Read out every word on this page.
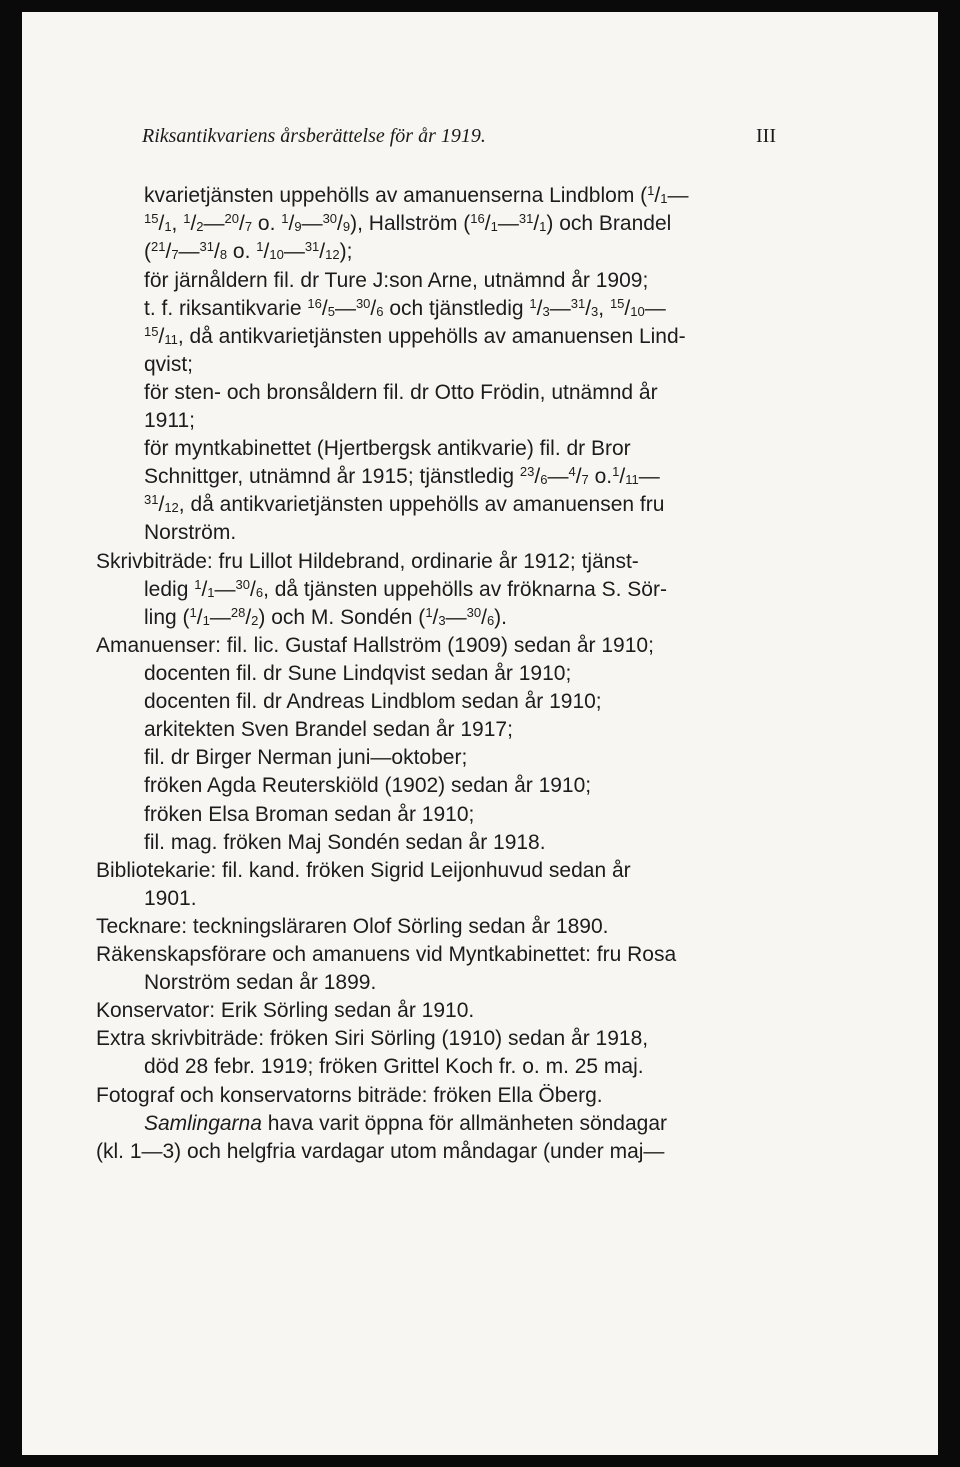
Riksantikvariens årsberättelse för år 1919.	III
kvarietjänsten uppehölls av amanuenserna Lindblom ($^1/_1—$
$^{15}/_1$, $^1/_2—^{20}/_7$ o. $^1/_9—^{30}/_9$), Hallström $(^{16}/_1—^{31}/_1)$ och Brandel
($^{21}/_7—^{31}/_8$ o. $^1/_{10}—^{31}/_{12}$);
för järnåldern fil. dr Ture J:son Arne, utnämnd år 1909;
t. f. riksantikvarie $^{16}/_5—^{30}/_6$ och tjänstledig $^1/_3—^{31}/_3$, $^{15}/_{10}—$
$^{15}/_{11}$, då antikvarietjänsten uppehölls av amanuensen Lind-
qvist;
för sten- och bronsåldern fil. dr Otto Frödin, utnämnd år
1911;
för myntkabinettet (Hjertbergsk antikvarie) fil. dr Bror
Schnittger, utnämnd år 1915; tjänstledig $^{23}/_6—^4/_7$ $o.^1/_{11}—$
$^{31}/_{12}$, då antikvarietjänsten uppehölls av amanuensen fru
Norström.
Skrivbiträde: fru Lillot Hildebrand, ordinarie år 1912; tjänst-
ledig $^1/_1—^{30}/_6$, då tjänsten uppehölls av fröknarna S. Sör-
ling $(^1/_1—^{28}/_2)$ och M. Sondén $(^1/_3—^{30}/_6)$.
Amanuenser: fil. lic. Gustaf Hallström (1909) sedan år 1910;
docenten fil. dr Sune Lindqvist sedan år 1910;
docenten fil. dr Andreas Lindblom sedan år 1910;
arkitekten Sven Brandel sedan år 1917;
fil. dr Birger Nerman juni—oktober;
fröken Agda Reuterskiöld (1902) sedan år 1910;
fröken Elsa Broman sedan år 1910;
fil. mag. fröken Maj Sondén sedan år 1918.
Bibliotekarie: fil. kand. fröken Sigrid Leijonhuvud sedan år
1901.
Tecknare: teckningsläraren Olof Sörling sedan år 1890.
Räkenskapsförare och amanuens vid Myntkabinettet: fru Rosa
Norström sedan år 1899.
Konservator: Erik Sörling sedan år 1910.
Extra skrivbiträde: fröken Siri Sörling (1910) sedan år 1918,
död 28 febr. 1919; fröken Grittel Koch fr. o. m. 25 maj.
Fotograf och konservatorns biträde: fröken Ella Öberg.
Samlingarna hava varit öppna för allmänheten söndagar
(kl. 1—3) och helgfria vardagar utom måndagar (under maj—
